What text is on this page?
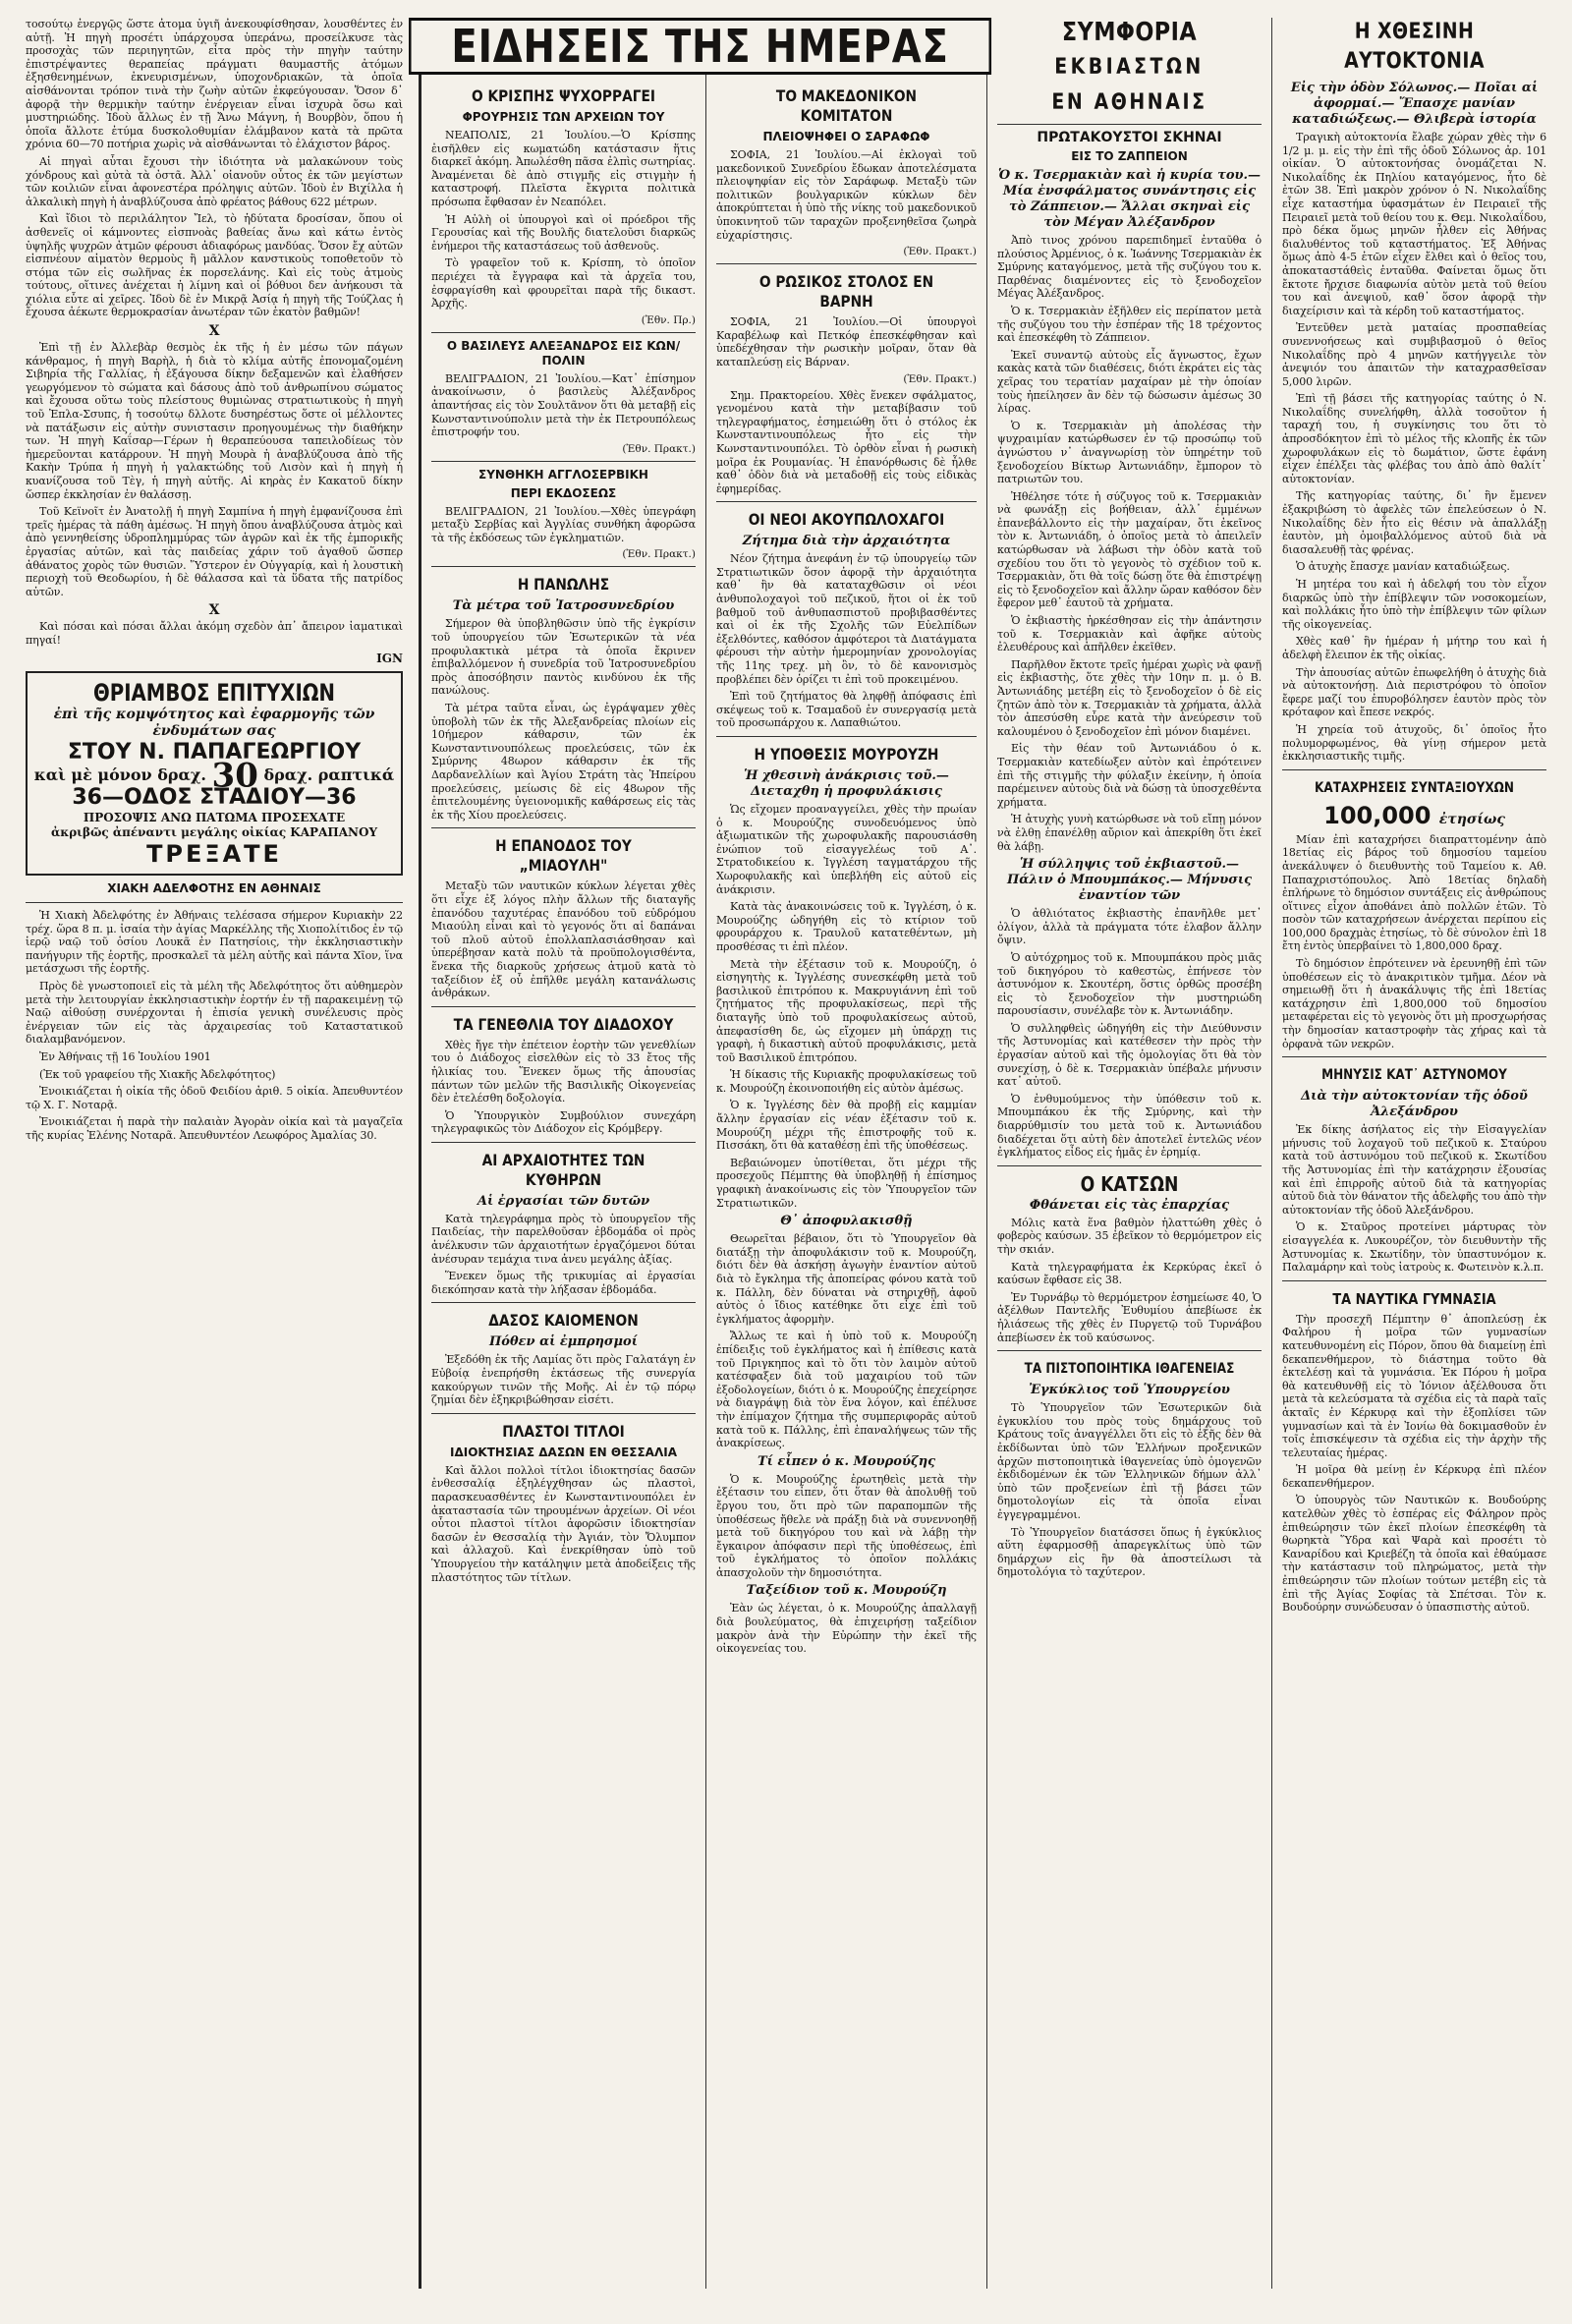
ΕΙΔΗΣΕΙΣ ΤΗΣ ΗΜΕΡΑΣ

τοσούτῳ ἐνεργῷς ὥστε ἀτομα ὑγιῆ ἀνεκουφίσθησαν, λουσθέντες ἐν αὐτῇ. Ἡ πηγὴ προσέτι ὑπάρχουσα ὑπεράνω, προσείλκυσε τὰς προσοχὰς τῶν περιηγητῶν, εἶτα πρὸς τὴν πηγὴν ταύτην ἐπιστρέψαντες θεραπείας πράγματι θαυμαστῆς ἀτόμων ἐξησθενημένων, ἐκνευρισμένων, ὑποχονδριακῶν, τὰ ὁποῖα αἰσθάνονται τρόπον τινὰ τὴν ζωὴν αὐτῶν ἐκφεύγουσαν. Ὅσον δ᾽ ἀφορᾷ τὴν θερμικὴν ταύτην ἐνέργειαν εἶναι ἰσχυρὰ ὅσω καὶ μυστηριώδης. Ἰδοὺ ἄλλως ἐν τῇ Ἄνω Μάγνη, ἡ Βουρβὸν, ὅπου ἡ ὁποῖα ἄλλοτε ἐτύμα δυσκολοθυμίαν ἐλάμβανον κατὰ τὰ πρῶτα χρόνια 60—70 ποτήρια χωρὶς νὰ αἰσθάνωνται τὸ ἐλάχιστον βάρος.

Αἱ πηγαὶ αὗται ἔχουσι τὴν ἰδιότητα νὰ μαλακώνουν τοὺς χόνδρους καὶ αὐτὰ τὰ ὀστᾶ. Ἀλλ᾽ οἰανοῦν οὗτος ἐκ τῶν μεγίστων τῶν κοιλιῶν εἶναι ἀφονεστέρα πρόληψις αὐτῶν. Ἰδοὺ ἐν Βιχίλλα ἡ ἀλκαλικὴ πηγὴ ἡ ἀναβλύζουσα ἀπὸ φρέατος βάθους 622 μέτρων.

Καὶ ἴδιοι τὸ περιλάλητον Ἴελ, τὸ ἡδύτατα δροσίσαν, ὅπου οἱ ἀσθενεῖς οἱ κάμνοντες εἰσπνοὰς βαθείας ἄνω καὶ κάτω ἐντὸς ὑψηλῆς ψυχρῶν ἀτμῶν φέρουσι ἀδιαφόρως μανδύας. Ὅσον ἔχ αὐτῶν εἰσπνέουν αἱματὸν θερμοὺς ἢ μᾶλλον κανστικοὺς τοποθετοῦν τὸ στόμα τῶν εἰς σωλῆνας ἐκ πορσελάνης. Καὶ εἰς τοὺς ἀτμοὺς τούτους, οἵτινες ἀνέχεται ἡ λίμνη καὶ οἱ βόθυοι δεν ἀνήκουσι τὰ χιόλια εὗτε αἱ χεῖρες. Ἰδοὺ δὲ ἐν Μικρᾷ Ἀσίᾳ ἡ πηγὴ τῆς Τούζλας ἡ ἔχουσα ἀέκωτε θερμοκρασίαν ἀνωτέραν τῶν ἑκατὸν βαθμῶν!

Χ

Ἐπὶ τῇ ἐν Ἀλλεβὰρ θεσμὸς ἐκ τῆς ἡ ἐν μέσω τῶν πάγων κάνθραμος, ἡ πηγὴ Βαρὴλ, ἡ διὰ τὸ κλίμα αὐτῆς ἐπονομαζομένη Σιβηρία τῆς Γαλλίας, ἡ ἐξάγουσα δίκην δεξαμενῶν καὶ ἐλαθήσεν γεωργόμενον τὸ σώματα καὶ δάσους ἀπὸ τοῦ ἀνθρωπίνου σώματος καὶ ἔχουσα οὕτω τοὺς πλείστους θυμιὼνας στρατιωτικοὺς ἡ πηγὴ τοῦ Ἐπλα-Σσυπς, ἡ τοσούτῳ δλλοτε δυσηρέστως ὅστε οἱ μέλλοντες νὰ πατάξωσιν εἰς αὐτὴν συνιστασιν προηγουμένως τὴν διαθήκην των. Ἡ πηγὴ Καΐσαρ—Γέρων ἡ θεραπεύουσα ταπειλοδίεως τὸν ἡμερεῦονται κατάρρουν. Ἡ πηγὴ Μουρὰ ἡ ἀναβλύζουσα ἀπὸ τῆς Κακὴν Τρύπα ἡ πηγὴ ἡ γαλακτώδης τοῦ Λισὸν καὶ ἡ πηγὴ ἡ κυανίζουσα τοῦ Τὲγ, ἡ πηγὴ αὐτῆς. Αἱ κηρὰς ἐν Κακατοῦ δίκην ὥσπερ ἐκκλησίαν ἐν θαλάσσῃ.

Τοῦ Κεϊνοῖτ ἐν Ἀνατολῇ ἡ πηγὴ Σαμπίνα ἡ πηγὴ ἐμφανίζουσα ἐπὶ τρεῖς ἡμέρας τὰ πάθη ἀμέσως. Ἡ πηγὴ ὅπου ἀναβλύζουσα ἀτμὸς καὶ ἀπὸ γεννηθείσης ὑδροπλημμύρας τῶν ἀγρῶν καὶ ἐκ τῆς ἐμπορικῆς ἐργασίας αὐτῶν, καὶ τὰς παιδείας χάριν τοῦ ἀγαθοῦ ὥσπερ ἀθάνατος χορὸς τῶν θυσιῶν. Ὕστερον ἐν Οὐγγαρίᾳ, καὶ ἡ λουστικὴ περιοχὴ τοῦ Θεοδωρίου, ἡ δὲ θάλασσα καὶ τὰ ὕδατα τῆς πατρίδος αὐτῶν.

Χ

Καὶ πόσαι καὶ πόσαι ἄλλαι ἀκόμη σχεδὸν ἀπ᾽ ἄπειρον ἰαματικαὶ πηγαί!

IGN
ΘΡΙΑΜΒΟΣ ΕΠΙΤΥΧΙΩΝ
ἐπὶ τῆς κομψότητος καὶ ἐφαρμογῆς τῶν ἐνδυμάτων σας
ΣΤΟΥ Ν. ΠΑΠΑΓΕΩΡΓΙΟΥ
καὶ μὲ μόνον δραχ. 30 δραχ. ραπτικά
36—ΟΔΟΣ ΣΤΑΔΙΟΥ—36
ΠΡΟΣΟΨΙΣ ΑΝΩ ΠΑΤΩΜΑ ΠΡΟΣΕΧΑΤΕ
ἀκριβῶς ἀπέναντι μεγάλης οἰκίας ΚΑΡΑΠΑΝΟΥ
ΤΡΕΞΑΤΕ
ΧΙΑΚΗ ΑΔΕΛΦΟΤΗΣ ΕΝ ΑΘΗΝΑΙΣ

Ἡ Χιακὴ Ἀδελφότης ἐν Ἀθήναις τελέσασα σήμερον Κυριακὴν 22 τρέχ. ὥρα 8 π. μ. ἱσαία τὴν ἀγίας Μαρκέλλης τῆς Χιοπολίτιδος ἐν τῷ ἱερῷ ναῷ τοῦ ὁσίου Λουκᾶ ἐν Πατησίοις, τὴν ἐκκλησιαστικὴν πανήγυριν τῆς ἑορτῆς, προσκαλεῖ τὰ μέλη αὐτῆς καὶ πάντα Χῖον, ἵνα μετάσχωσι τῆς ἑορτῆς.

Πρὸς δὲ γνωστοποιεῖ εἰς τὰ μέλη τῆς Ἀδελφότητος ὅτι αὐθημερὸν μετὰ τὴν λειτουργίαν ἐκκλησιαστικὴν ἑορτήν ἐν τῇ παρακειμένῃ τῷ Ναῷ αἰθούσῃ συνέρχονται ἡ ἐπισία γενικὴ συνέλευσις πρὸς ἐνέργειαν τῶν εἰς τὰς ἀρχαιρεσίας τοῦ Καταστατικοῦ διαλαμβανόμενον.

Ἐν Ἀθήναις τῇ 16 Ἰουλίου 1901

(Ἐκ τοῦ γραφείου τῆς Χιακῆς Ἀδελφότητος)

Ἐνοικιάζεται ἡ οἰκία τῆς ὁδοῦ Φειδίου ἀριθ. 5 οἰκία. Ἀπευθυντέον τῷ Χ. Γ. Νοταρᾷ.

Ἐνοικιάζεται ἡ παρὰ τὴν παλαιὰν Ἀγορὰν οἰκία καὶ τὰ μαγαζεῖα τῆς κυρίας Ἑλένης Νοταρᾶ. Ἀπευθυντέον Λεωφόρος Ἀμαλίας 30.

Ο ΚΡΙΣΠΗΣ ΨΥΧΟΡΡΑΓΕΙ
ΦΡΟΥΡΗΣΙΣ ΤΩΝ ΑΡΧΕΙΩΝ ΤΟΥ

ΝΕΑΠΟΛΙΣ, 21 Ἰουλίου.—Ὁ Κρίσπης ἐισῆλθεν εἰς κωματώδη κατάστασιν ἥτις διαρκεῖ ἀκόμη. Ἀπωλέσθη πᾶσα ἐλπὶς σωτηρίας. Ἀναμένεται δὲ ἀπὸ στιγμῆς εἰς στιγμὴν ἡ καταστροφή. Πλεῖστα ἔκγριτα πολιτικὰ πρόσωπα ἔφθασαν ἐν Νεαπόλει.

Ἡ Αὐλὴ οἱ ὑπουργοὶ καὶ οἱ πρόεδροι τῆς Γερουσίας καὶ τῆς Βουλῆς διατελοῦσι διαρκῶς ἐνήμεροι τῆς καταστάσεως τοῦ ἀσθενοῦς.

Τὸ γραφεῖον τοῦ κ. Κρίσπη, τὸ ὁποῖον περιέχει τὰ ἔγγραφα καὶ τὰ ἀρχεῖα του, ἐσφραγίσθη καὶ φρουρεῖται παρὰ τῆς δικαστ. Ἀρχῆς.

(Ἐθν. Πρ.)
Ο ΒΑΣΙΛΕΥΣ ΑΛΕΞΑΝΔΡΟΣ ΕΙΣ ΚΩΝ/ΠΟΛΙΝ

ΒΕΛΙΓΡΑΔΙΟΝ, 21 Ἰουλίου.—Κατ᾽ ἐπίσημον ἀνακοίνωσιν, ὁ βασιλεὺς Ἀλέξανδρος ἀπαντήσας εἰς τὸν Σουλτᾶνον ὅτι θὰ μεταβῇ εἰς Κωνσταντινούπολιν μετὰ τὴν ἐκ Πετρουπόλεως ἐπιστροφήν του.

(Ἐθν. Πρακτ.)
ΣΥΝΘΗΚΗ ΑΓΓΛΟΣΕΡΒΙΚΗ
ΠΕΡΙ ΕΚΔΟΣΕΩΣ

ΒΕΛΙΓΡΑΔΙΟΝ, 21 Ἰουλίου.—Χθὲς ὑπεγράφη μεταξὺ Σερβίας καὶ Ἀγγλίας συνθήκη ἀφορῶσα τὰ τῆς ἐκδόσεως τῶν ἐγκληματιῶν.

(Ἐθν. Πρακτ.)
Η ΠΑΝΩΛΗΣ
Τὰ μέτρα τοῦ Ἰατροσυνεδρίου

Σήμερον θὰ ὑποβληθῶσιν ὑπὸ τῆς ἐγκρίσιν τοῦ ὑπουργείου τῶν Ἐσωτερικῶν τὰ νέα προφυλακτικὰ μέτρα τὰ ὁποῖα ἔκρινεν ἐπιβαλλόμενον ἡ συνεδρία τοῦ Ἰατροσυνεδρίου πρὸς ἀποσόβησιν παντὸς κινδύνου ἐκ τῆς πανώλους.

Τὰ μέτρα ταῦτα εἶναι, ὡς ἐγράψαμεν χθὲς ὑποβολὴ τῶν ἐκ τῆς Ἀλεξανδρείας πλοίων εἰς 10ήμερον κάθαρσιν, τῶν ἐκ Κωνσταντινουπόλεως προελεύσεις, τῶν ἐκ Σμύρνης 48ωρον κάθαρσιν ἐκ τῆς Δαρδανελλίων καὶ Ἁγίου Στράτη τὰς Ἠπείρου προελεύσεις, μείωσις δὲ εἰς 48ωρον τῆς ἐπιτελουμένης ὑγειονομικῆς καθάρσεως εἰς τὰς ἐκ τῆς Χίου προελεύσεις.

Η ΕΠΑΝΟΔΟΣ ΤΟΥ „ΜΙΑΟΥΛΗ"

Μεταξὺ τῶν ναυτικῶν κύκλων λέγεται χθὲς ὅτι εἶχε ἐξ λόγος πλὴν ἄλλων τῆς διαταγῆς ἐπανόδου ταχυτέρας ἐπανόδου τοῦ εὐδρόμου Μιαούλη εἶναι καὶ τὸ γεγονός ὅτι αἱ δαπάναι τοῦ πλοῦ αὐτοῦ ἐπολλαπλασιάσθησαν καὶ ὑπερέβησαν κατὰ πολὺ τὰ προϋπολογισθέντα, ἕνεκα τῆς διαρκοῦς χρήσεως ἀτμοῦ κατὰ τὸ ταξείδιον ἐξ οὗ ἐπῆλθε μεγάλη κατανάλωσις ἀνθράκων.

ΤΑ ΓΕΝΕΘΛΙΑ ΤΟΥ ΔΙΑΔΟΧΟΥ

Χθὲς ἤγε τὴν ἐπέτειον ἑορτὴν τῶν γενεθλίων του ὁ Διάδοχος εἰσελθὼν εἰς τὸ 33 ἔτος τῆς ἡλικίας του. Ἕνεκεν ὅμως τῆς ἀπουσίας πάντων τῶν μελῶν τῆς Βασιλικῆς Οἰκογενείας δὲν ἐτελέσθη δοξολογία.

Ὁ Ὑπουργικὸν Συμβούλιον συνεχάρη τηλεγραφικῶς τὸν Διάδοχον εἰς Κρόμβεργ.

ΑΙ ΑΡΧΑΙΟΤΗΤΕΣ ΤΩΝ ΚΥΘΗΡΩΝ
Αἱ ἐργασίαι τῶν δυτῶν

Κατὰ τηλεγράφημα πρὸς τὸ ὑπουργεῖον τῆς Παιδείας, τὴν παρελθοῦσαν ἑβδομάδα οἱ πρὸς ἀνέλκυσιν τῶν ἀρχαιοτήτων ἐργαζόμενοι δύται ἀνέσυραν τεμάχια τινα ἀνευ μεγάλης ἀξίας.

Ἕνεκεν ὅμως τῆς τρικυμίας αἱ ἐργασίαι διεκόπησαν κατὰ τὴν λήξασαν ἑβδομάδα.

ΔΑΣΟΣ ΚΑΙΟΜΕΝΟΝ
Πόθεν αἱ ἐμπρησμοί

Ἐξεδόθη ἐκ τῆς Λαμίας ὅτι πρὸς Γαλατάγη ἐν Εὐβοίᾳ ἐνεπρήσθη ἐκτάσεως τῆς συνεργία κακούργων τινῶν τῆς Μοῆς. Αἱ ἐν τῷ πόρῳ ζημίαι δὲν ἐξηκριβώθησαν εἰσέτι.

ΠΛΑΣΤΟΙ ΤΙΤΛΟΙ
ΙΔΙΟΚΤΗΣΙΑΣ ΔΑΣΩΝ ΕΝ ΘΕΣΣΑΛΙΑ

Καὶ ἄλλοι πολλοὶ τίτλοι ἰδιοκτησίας δασῶν ἐνθεσσαλίᾳ ἐξηλέγχθησαν ὡς πλαστοὶ, παρασκευασθέντες ἐν Κωνσταντινουπόλει ἐν ἀκαταστασία τῶν τηρουμένων ἀρχείων. Οἱ νέοι οὗτοι πλαστοὶ τίτλοι ἀφορῶσιν ἰδιοκτησίαν δασῶν ἐν Θεσσαλίᾳ τὴν Ἀγιάν, τὸν Ὄλυμπον καὶ ἀλλαχοῦ. Καὶ ἐνεκρίθησαν ὑπὸ τοῦ Ὑπουργείου τὴν κατάληψιν μετὰ ἀποδείξεις τῆς πλαστότητος τῶν τίτλων.

ΤΟ ΜΑΚΕΔΟΝΙΚΟΝ ΚΟΜΙΤΑΤΟΝ
ΠΛΕΙΟΨΗΦΕΙ Ο ΣΑΡΑΦΩΦ

ΣΟΦΙΑ, 21 Ἰουλίου.—Αἱ ἐκλογαὶ τοῦ μακεδονικοῦ Συνεδρίου ἔδωκαν ἀποτελέσματα πλειοψηφίαν εἰς τὸν Σαράφωφ. Μεταξὺ τῶν πολιτικῶν βουλγαρικῶν κύκλων δὲν ἀποκρύπτεται ἡ ὑπὸ τῆς νίκης τοῦ μακεδονικοῦ ὑποκινητοῦ τῶν ταραχῶν προξενηθεῖσα ζωηρὰ εὐχαρίστησις.

(Ἐθν. Πρακτ.)
Ο ΡΩΣΙΚΟΣ ΣΤΟΛΟΣ ΕΝ ΒΑΡΝΗ

ΣΟΦΙΑ, 21 Ἰουλίου.—Οἱ ὑπουργοὶ Καραβέλωφ καὶ Πετκόφ ἐπεσκέφθησαν καὶ ὑπεδέχθησαν τὴν ρωσικὴν μοῖραν, ὅταν θὰ καταπλεύσῃ εἰς Βάρναν.

(Ἐθν. Πρακτ.)

Σημ. Πρακτορείου. Χθὲς ἕνεκεν σφάλματος, γενομένου κατὰ τὴν μεταβίβασιν τοῦ τηλεγραφήματος, ἐσημειώθη ὅτι ὁ στόλος ἐκ Κωνσταντινουπόλεως ἦτο εἰς τὴν Κωνσταντινουπόλει. Τὸ ὀρθὸν εἶναι ἡ ρωσικὴ μοῖρα ἐκ Ρουμανίας. Ἡ ἐπανόρθωσις δὲ ἦλθε καθ᾽ ὁδὸν διὰ νὰ μεταδοθῇ εἰς τοὺς εἰδικὰς ἐφημερίδας.

ΟΙ ΝΕΟΙ ΑΚΟΥΠΩΛΟΧΑΓΟΙ
Ζήτημα διὰ τὴν ἀρχαιότητα

Νέον ζήτημα ἀνεφάνη ἐν τῷ ὑπουργείῳ τῶν Στρατιωτικῶν ὅσον ἀφορᾷ τὴν ἀρχαιότητα καθ᾽ ἣν θὰ καταταχθῶσιν οἱ νέοι ἀνθυπολοχαγοὶ τοῦ πεζικοῦ, ἥτοι οἱ ἐκ τοῦ βαθμοῦ τοῦ ἀνθυπασπιστοῦ προβιβασθέντες καὶ οἱ ἐκ τῆς Σχολῆς τῶν Εὐελπίδων ἐξελθόντες, καθόσον ἀμφότεροι τὰ Διατάγματα φέρουσι τὴν αὐτὴν ἡμερομηνίαν χρονολογίας τῆς 11ης τρεχ. μὴ ὂν, τὸ δὲ κανονισμὸς προβλέπει δὲν ὁρίζει τι ἐπὶ τοῦ προκειμένου.

Ἐπὶ τοῦ ζητήματος θὰ ληφθῇ ἀπόφασις ἐπὶ σκέψεως τοῦ κ. Τσαμαδοῦ ἐν συνεργασίᾳ μετὰ τοῦ προσωπάρχου κ. Λαπαθιώτου.

Η ΥΠΟΘΕΣΙΣ ΜΟΥΡΟΥΖΗ
Ἡ χθεσινὴ ἀνάκρισις τοῦ.— Διεταχθη ἡ προφυλάκισις

Ὡς εἴχομεν προαναγγείλει, χθὲς τὴν πρωίαν ὁ κ. Μουρούζης συνοδευόμενος ὑπὸ ἀξιωματικῶν τῆς χωροφυλακῆς παρουσιάσθη ἐνώπιον τοῦ εἰσαγγελέως τοῦ Α᾽. Στρατοδικείου κ. Ἰγγλέση ταγματάρχου τῆς Χωροφυλακῆς καὶ ὑπεβλήθη εἰς αὐτοῦ εἰς ἀνάκρισιν.

Κατὰ τὰς ἀνακοινώσεις τοῦ κ. Ἰγγλέση, ὁ κ. Μουρούζης ὡδηγήθη εἰς τὸ κτίριον τοῦ φρουράρχου κ. Τραυλοῦ κατατεθέντων, μὴ προσθέσας τι ἐπὶ πλέον.

Μετὰ τὴν ἐξέτασιν τοῦ κ. Μουρούζη, ὁ εἰσηγητὴς κ. Ἰγγλέσης συνεσκέφθη μετὰ τοῦ βασιλικοῦ ἐπιτρόπου κ. Μακρυγιάννη ἐπὶ τοῦ ζητήματος τῆς προφυλακίσεως, περὶ τῆς διαταγῆς ὑπὸ τοῦ προφυλακίσεως αὐτοῦ, ἀπεφασίσθη δε, ὡς εἴχομεν μὴ ὑπάρχῃ τις γραφὴ, ἡ δικαστικὴ αὐτοῦ προφυλάκισις, μετὰ τοῦ Βασιλικοῦ ἐπιτρόπου.

Ἡ δίκασις τῆς Κυριακῆς προφυλακίσεως τοῦ κ. Μουρούζη ἐκοινοποιήθη εἰς αὐτὸν ἀμέσως.

Ὁ κ. Ἰγγλέσης δὲν θὰ προβῇ εἰς καμμίαν ἄλλην ἐργασίαν εἰς νέαν ἐξέτασιν τοῦ κ. Μουρούζη μέχρι τῆς ἐπιστροφῆς τοῦ κ. Πισσάκη, ὅτι θὰ καταθέσῃ ἐπὶ τῆς ὑποθέσεως.

Βεβαιώνομεν ὑποτίθεται, ὅτι μέχρι τῆς προσεχοῦς Πέμπτης θὰ ὑποβληθῇ ἡ ἐπίσημος γραφικὴ ἀνακοίνωσις εἰς τὸν Ὑπουργεῖον τῶν Στρατιωτικῶν.

Θ᾽ ἀποφυλακισθῇ

Θεωρεῖται βέβαιον, ὅτι τὸ Ὑπουργεῖον θὰ διατάξῃ τὴν ἀποφυλάκισιν τοῦ κ. Μουρούζη, διότι δὲν θὰ ἀσκήσῃ ἀγωγὴν ἐναντίον αὐτοῦ διὰ τὸ ἔγκλημα τῆς ἀποπείρας φόνου κατὰ τοῦ κ. Πάλλη, δὲν δύναται νὰ στηριχθῇ, ἀφοῦ αὐτὸς ὁ ἴδιος κατέθηκε ὅτι εἶχε ἐπὶ τοῦ ἐγκλήματος ἀφορμὴν.

Ἄλλως τε καὶ ἡ ὑπὸ τοῦ κ. Μουρούζη ἐπίδειξις τοῦ ἐγκλήματος καὶ ἡ ἐπίθεσις κατὰ τοῦ Πριγκηπος καὶ τὸ ὅτι τὸν λαιμὸν αὐτοῦ κατέσφαξεν διὰ τοῦ μαχαιρίου τοῦ τῶν ἐξοδολογείων, διότι ὁ κ. Μουρούζης ἐπεχείρησε νὰ διαγράψῃ διὰ τὸν ἕνα λόγον, καὶ ἐπέλυσε τὴν ἐπίμαχον ζήτημα τῆς συμπεριφορᾶς αὐτοῦ κατὰ τοῦ κ. Πάλλης, ἐπὶ ἐπαναλήψεως τῶν τῆς ἀνακρίσεως.

Τί εἶπεν ὁ κ. Μουρούζης

Ὁ κ. Μουρούζης ἐρωτηθεὶς μετὰ τὴν ἐξέτασιν του εἶπεν, ὅτι ὅταν θὰ ἀπολυθῇ τοῦ ἔργου του, ὅτι πρὸ τῶν παραπομπῶν τῆς ὑποθέσεως ἤθελε νὰ πράξῃ διὰ νὰ συνεννοηθῇ μετὰ τοῦ δικηγόρου του καὶ νὰ λάβῃ τὴν ἔγκαιρον ἀπόφασιν περὶ τῆς ὑποθέσεως, ἐπὶ τοῦ ἐγκλήματος τὸ ὁποῖον πολλάκις ἀπασχολοῦν τὴν δημοσιότητα.

Ταξείδιον τοῦ κ. Μουρούζη

Ἐὰν ὡς λέγεται, ὁ κ. Μουρούζης ἀπαλλαγῇ διὰ βουλεύματος, θὰ ἐπιχειρήσῃ ταξείδιον μακρὸν ἀνὰ τὴν Εὐρώπην τὴν ἐκεῖ τῆς οἰκογενείας του.

ΣΥΜΦΟΡΙΑ
ΕΚΒΙΑΣΤΩΝ
ΕΝ ΑΘΗΝΑΙΣ
ΠΡΩΤΑΚΟΥΣΤΟΙ ΣΚΗΝΑΙ
ΕΙΣ ΤΟ ΖΑΠΠΕΙΟΝ
Ὁ κ. Τσερμακιὰν καὶ ἡ κυρία του.— Μία ἐνσφάλματος συνάντησις εἰς τὸ Ζάππειον.— Ἄλλαι σκηναὶ εἰς τὸν Μέγαν Ἀλέξανδρον

Ἀπὸ τινος χρόνου παρεπιδημεῖ ἐνταῦθα ὁ πλούσιος Ἀρμένιος, ὁ κ. Ἰωάννης Τσερμακιὰν ἐκ Σμύρνης καταγόμενος, μετὰ τῆς συζύγου του κ. Παρθένας διαμένοντες εἰς τὸ ξενοδοχεῖον Μέγας Ἀλέξανδρος.

Ὁ κ. Τσερμακιὰν ἐξῆλθεν εἰς περίπατον μετὰ τῆς συζύγου του τὴν ἑσπέραν τῆς 18 τρέχοντος καὶ ἐπεσκέφθη τὸ Ζάππειον.

Ἐκεῖ συναντῷ αὐτοὺς εἷς ἄγνωστος, ἔχων κακὰς κατὰ τῶν διαθέσεις, διότι ἐκράτει εἰς τὰς χεῖρας του τερατίαν μαχαίραν μὲ τὴν ὁποίαν τοὺς ἠπείλησεν ἂν δὲν τῷ δώσωσιν ἀμέσως 30 λίρας.

Ὁ κ. Τσερμακιὰν μὴ ἀπολέσας τὴν ψυχραιμίαν κατώρθωσεν ἐν τῷ προσώπῳ τοῦ ἀγνώστου ν᾽ ἀναγνωρίσῃ τὸν ὑπηρέτην τοῦ ξενοδοχείου Βίκτωρ Ἀντωνιάδην, ἔμπορον τὸ πατριωτῶν του.

Ἠθέλησε τότε ἡ σύζυγος τοῦ κ. Τσερμακιὰν νὰ φωνάξῃ εἰς βοήθειαν, ἀλλ᾽ ἐμμένων ἐπανεβάλλοντο εἰς τὴν μαχαίραν, ὅτι ἐκεῖνος τὸν κ. Ἀντωνιάδη, ὁ ὁποῖος μετὰ τὸ ἀπειλεῖν κατώρθωσαν νὰ λάβωσι τὴν ὁδὸν κατὰ τοῦ σχεδίου του ὅτι τὸ γεγονὸς τὸ σχέδιον τοῦ κ. Τσερμακιὰν, ὅτι θὰ τοῖς δώσῃ ὅτε θὰ ἐπιστρέψῃ εἰς τὸ ξενοδοχεῖον καὶ ἄλλην ὥραν καθόσον δὲν ἔφερον μεθ᾽ ἑαυτοῦ τὰ χρήματα.

Ὁ ἐκβιαστὴς ἠρκέσθησαν εἰς τὴν ἀπάντησιν τοῦ κ. Τσερμακιὰν καὶ ἀφῆκε αὐτοὺς ἐλευθέρους καὶ ἀπῆλθεν ἐκεῖθεν.

Παρῆλθον ἔκτοτε τρεῖς ἡμέραι χωρὶς νὰ φανῇ εἰς ἐκβιαστὴς, ὅτε χθὲς τὴν 10ην π. μ. ὁ Β. Ἀντωνιάδης μετέβη εἰς τὸ ξενοδοχεῖον ὁ δὲ εἰς ζητῶν ἀπὸ τὸν κ. Τσερμακιὰν τὰ χρήματα, ἀλλὰ τὸν ἀπεσύσθη εὗρε κατὰ τὴν ἀνεύρεσιν τοῦ καλουμένου ὁ ξενοδοχεῖον ἐπὶ μόνον διαμένει.

Εἰς τὴν θέαν τοῦ Ἀντωνιάδου ὁ κ. Τσερμακιὰν κατεδίωξεν αὐτὸν καὶ ἐπρότεινεν ἐπὶ τῆς στιγμῆς τὴν φύλαξιν ἐκείνην, ἡ ὁποία παρέμεινεν αὐτοὺς διὰ νὰ δώσῃ τὰ ὑποσχεθέντα χρήματα.

Ἡ ἀτυχὴς γυνὴ κατώρθωσε νὰ τοῦ εἴπῃ μόνον νὰ ἐλθῃ ἐπανέλθῃ αὔριον καὶ ἀπεκρίθη ὅτι ἐκεῖ θὰ λάβῃ.

Ἡ σύλληψις τοῦ ἐκβιαστοῦ.— Πάλιν ὁ Μπουμπάκος.— Μήνυσις ἐναντίον τῶν

Ὁ ἀθλιότατος ἐκβιαστὴς ἐπανῆλθε μετ᾽ ὀλίγον, ἀλλὰ τὰ πράγματα τότε ἐλαβον ἄλλην ὄψιν.

Ὁ αὐτόχρημος τοῦ κ. Μπουμπάκου πρὸς μιᾶς τοῦ δικηγόρου τὸ καθεστὼς, ἐπήνεσε τὸν ἀστυνόμον κ. Σκουτέρη, ὅστις ὀρθῶς προσέβη εἰς τὸ ξενοδοχεῖον τὴν μυστηριώδη παρουσίασιν, συνέλαβε τὸν κ. Ἀντωνιάδην.

Ὁ συλληφθεὶς ὡδηγήθη εἰς τὴν Διεύθυνσιν τῆς Ἀστυνομίας καὶ κατέθεσεν τὴν πρὸς τὴν ἐργασίαν αὐτοῦ καὶ τῆς ὁμολογίας ὅτι θὰ τὸν συνεχίσῃ, ὁ δὲ κ. Τσερμακιὰν ὑπέβαλε μήνυσιν κατ᾽ αὐτοῦ.

Ὁ ἐνθυμούμενος τὴν ὑπόθεσιν τοῦ κ. Μπουμπάκου ἐκ τῆς Σμύρνης, καὶ τὴν διαρρύθμισίν του μετὰ τοῦ κ. Ἀντωνιάδου διαδέχεται ὅτι αὐτὴ δὲν ἀποτελεῖ ἐντελῶς νέον ἐγκλήματος εἶδος εἰς ἡμᾶς ἐν ἐρημίᾳ.

Ο ΚΑΤΣΩΝ
Φθάνεται εἰς τὰς ἐπαρχίας

Μόλις κατὰ ἕνα βαθμὸν ἠλαττώθη χθὲς ὁ φοβερὸς καύσων. 35 ἐβεῖκον τὸ θερμόμετρον εἰς τὴν σκιάν.

Κατὰ τηλεγραφήματα ἐκ Κερκύρας ἐκεῖ ὁ καύσων ἔφθασε εἰς 38.

Ἐν Τυρνάβῳ τὸ θερμόμετρον ἐσημείωσε 40, Ὁ ἀξέλθων Παντελῆς Ἐυθυμίου ἀπεβίωσε ἐκ ἡλιάσεως τῆς χθὲς ἐν Πυργετῷ τοῦ Τυρνάβου ἀπεβίωσεν ἐκ τοῦ καύσωνος.

ΤΑ ΠΙΣΤΟΠΟΙΗΤΙΚΑ ΙΘΑΓΕΝΕΙΑΣ
Ἐγκύκλιος τοῦ Ὑπουργείου

Τὸ Ὑπουργεῖον τῶν Ἐσωτερικῶν διὰ ἐγκυκλίου του πρὸς τοὺς δημάρχους τοῦ Κράτους τοῖς ἀναγγέλλει ὅτι εἰς τὸ ἑξῆς δὲν θὰ ἐκδίδωνται ὑπὸ τῶν Ἑλλήνων προξενικῶν ἀρχῶν πιστοποιητικὰ ἰθαγενείας ὑπὸ ὁμογενῶν ἐκδιδομένων ἐκ τῶν Ἑλληνικῶν δήμων ἀλλ᾽ ὑπὸ τῶν προξενείων ἐπὶ τῇ βάσει τῶν δημοτολογίων εἰς τὰ ὁποῖα εἶναι ἐγγεγραμμένοι.

Τὸ Ὑπουργεῖον διατάσσει ὅπως ἡ ἐγκύκλιος αὕτη ἐφαρμοσθῇ ἀπαρεγκλίτως ὑπὸ τῶν δημάρχων εἰς ἣν θὰ ἀποστείλωσι τὰ δημοτολόγια τὸ ταχύτερον.

Η ΧΘΕΣΙΝΗ ΑΥΤΟΚΤΟΝΙΑ
Εἰς τὴν ὁδὸν Σόλωνος.— Ποῖαι αἱ ἀφορμαί.— Ἔπασχε μανίαν καταδιώξεως.— Θλιβερὰ ἱστορία

Τραγικὴ αὐτοκτονία ἔλαβε χώραν χθὲς τὴν 6 1/2 μ. μ. εἰς τὴν ἐπὶ τῆς ὁδοῦ Σόλωνος ἀρ. 101 οἰκίαν. Ὁ αὐτοκτονήσας ὀνομάζεται Ν. Νικολαΐδης ἐκ Πηλίου καταγόμενος, ἦτο δὲ ἐτῶν 38. Ἐπὶ μακρὸν χρόνον ὁ Ν. Νικολαΐδης εἶχε καταστήμα ὑφασμάτων ἐν Πειραιεῖ τῆς Πειραιεῖ μετὰ τοῦ θείου του κ. Θεμ. Νικολαΐδου, πρὸ δέκα ὅμως μηνῶν ἦλθεν εἰς Ἀθήνας διαλυθέντος τοῦ καταστήματος. Ἐξ Ἀθήνας ὅμως ἀπὸ 4-5 ἐτῶν εἶχεν ἔλθει καὶ ὁ θεῖος του, ἀποκαταστάθεὶς ἐνταῦθα. Φαίνεται ὅμως ὅτι ἔκτοτε ἤρχισε διαφωνία αὐτὸν μετὰ τοῦ θείου του καὶ ἀνεψιοῦ, καθ᾽ ὅσον ἀφορᾷ τὴν διαχείρισιν καὶ τὰ κέρδη τοῦ καταστήματος.

Ἐντεῦθεν μετὰ ματαίας προσπαθείας συνεννοήσεως καὶ συμβιβασμοῦ ὁ θεῖος Νικολαΐδης πρὸ 4 μηνῶν κατήγγειλε τὸν ἀνεψιόν του ἀπαιτῶν τὴν καταχρασθεῖσαν 5,000 λιρῶν.

Ἐπὶ τῇ βάσει τῆς κατηγορίας ταύτης ὁ Ν. Νικολαΐδης συνελήφθη, ἀλλὰ τοσοῦτον ἡ ταραχή του, ἡ συγκίνησις του ὅτι τὸ ἀπροσδόκητον ἐπὶ τὸ μέλος τῆς κλοπῆς ἐκ τῶν χωροφυλάκων εἰς τὸ δωμάτιον, ὥστε ἐφάνη εἶχεν ἐπέλξει τὰς φλέβας του ἀπὸ ἀπὸ θαλίτ᾽ αὐτοκτονίαν.

Τῆς κατηγορίας ταύτης, δι᾽ ἣν ἔμενεν ἐξακριβώση τὸ ἀφελὲς τῶν ἐπελεύσεων ὁ Ν. Νικολαΐδης δὲν ἦτο εἰς θέσιν νὰ ἀπαλλάξῃ ἑαυτὸν, μὴ ὁμοιβαλλόμενος αὐτοῦ διὰ νὰ διασαλευθῇ τὰς φρένας.

Ὁ ἀτυχὴς ἔπασχε μανίαν καταδιώξεως.

Ἡ μητέρα του καὶ ἡ ἀδελφή του τὸν εἶχον διαρκῶς ὑπὸ τὴν ἐπίβλεψιν τῶν νοσοκομείων, καὶ πολλάκις ἦτο ὑπὸ τὴν ἐπίβλεψιν τῶν φίλων τῆς οἰκογενείας.

Χθὲς καθ᾽ ἣν ἡμέραν ἡ μήτηρ του καὶ ἡ ἀδελφὴ ἔλειπον ἐκ τῆς οἰκίας.

Τὴν ἀπουσίας αὐτῶν ἐπωφελήθη ὁ ἀτυχὴς διὰ νὰ αὐτοκτονήσῃ. Διὰ περιστρόφου τὸ ὁποῖον ἔφερε μαζί του ἐπυροβόλησεν ἑαυτὸν πρὸς τὸν κρόταφον καὶ ἔπεσε νεκρός.

Ἡ χηρεία τοῦ ἀτυχοῦς, δι᾽ ὁποῖος ἦτο πολυμορφωμένος, θὰ γίνῃ σήμερον μετὰ ἐκκλησιαστικῆς τιμῆς.

ΚΑΤΑΧΡΗΣΕΙΣ ΣΥΝΤΑΞΙΟΥΧΩΝ
100,000 ἐτησίως

Μίαν ἐπὶ καταχρήσει διαπραττομένην ἀπὸ 18ετίας εἰς βάρος τοῦ δημοσίου ταμείου ἀνεκάλυψεν ὁ διευθυντὴς τοῦ Ταμείου κ. Αθ. Παπαχριστόπουλος. Ἀπὸ 18ετίας δηλαδὴ ἐπλήρωνε τὸ δημόσιον συντάξεις εἰς ἀνθρώπους οἵτινες εἶχον ἀποθάνει ἀπὸ πολλῶν ἐτῶν. Τὸ ποσὸν τῶν καταχρήσεων ἀνέρχεται περίπου εἰς 100,000 δραχμὰς ἐτησίως, τὸ δὲ σύνολον ἐπὶ 18 ἔτη ἐντὸς ὑπερβαίνει τὸ 1,800,000 δραχ.

Τὸ δημόσιον ἐπρότεινεν νὰ ἐρευνηθῇ ἐπὶ τῶν ὑποθέσεων εἰς τὸ ἀνακριτικὸν τμῆμα. Δέον νὰ σημειωθῇ ὅτι ἡ ἀνακάλυψις τῆς ἐπὶ 18ετίας κατάχρησιν ἐπὶ 1,800,000 τοῦ δημοσίου μεταφέρεται εἰς τὸ γεγονὸς ὅτι μὴ προσχωρήσας τὴν δημοσίαν καταστροφὴν τὰς χήρας καὶ τὰ ὀρφανὰ τῶν νεκρῶν.

ΜΗΝΥΣΙΣ ΚΑΤ᾽ ΑΣΤΥΝΟΜΟΥ
Διὰ τὴν αὐτοκτονίαν τῆς ὁδοῦ Ἀλεξάνδρου

Ἐκ δίκης ἀσήλατος εἰς τὴν Εἰσαγγελίαν μήνυσις τοῦ λοχαγοῦ τοῦ πεζικοῦ κ. Σταύρου κατὰ τοῦ ἀστυνόμου τοῦ πεζικοῦ κ. Σκωτίδου τῆς Ἀστυνομίας ἐπὶ τὴν κατάχρησιν ἐξουσίας καὶ ἐπὶ ἐπιρροῆς αὐτοῦ διὰ τὰ κατηγορίας αὐτοῦ διὰ τὸν θάνατον τῆς ἀδελφῆς του ἀπὸ τὴν αὐτοκτονίαν τῆς ὁδοῦ Ἀλεξάνδρου.

Ὁ κ. Σταῦρος προτείνει μάρτυρας τὸν εἰσαγγελέα κ. Λυκουρέζον, τὸν διευθυντὴν τῆς Ἀστυνομίας κ. Σκωτίδην, τὸν ὑπαστυνόμον κ. Παλαμάρην καὶ τοὺς ἰατροὺς κ. Φωτεινὸν κ.λ.π.

ΤΑ ΝΑΥΤΙΚΑ ΓΥΜΝΑΣΙΑ

Τὴν προσεχῆ Πέμπτην θ᾽ ἀποπλεύσῃ ἐκ Φαλήρου ἡ μοῖρα τῶν γυμνασίων κατευθυνομένη εἰς Πόρον, ὅπου θὰ διαμείνῃ ἐπὶ δεκαπενθήμερον, τὸ διάστημα τοῦτο θὰ ἐκτελέσῃ καὶ τὰ γυμνάσια. Ἐκ Πόρου ἡ μοῖρα θὰ κατευθυνθῇ εἰς τὸ Ἰόνιον ἀξέλθουσα ὅτι μετὰ τὰ κελεύσματα τὰ σχέδια εἰς τὰ παρὰ ταῖς ἀκταῖς ἐν Κέρκυρᾳ καὶ τὴν ἐξοπλίσει τῶν γυμνασίων καὶ τὰ ἐν Ἰονίω θὰ δοκιμασθοῦν ἐν τοῖς ἐπισκέψεσιν τὰ σχέδια εἰς τὴν ἀρχὴν τῆς τελευταίας ἡμέρας.

Ἡ μοῖρα θὰ μείνῃ ἐν Κέρκυρᾳ ἐπὶ πλέον δεκαπενθήμερον.

Ὁ ὑπουργὸς τῶν Ναυτικῶν κ. Βουδούρης κατελθὼν χθὲς τὸ ἑσπέρας εἰς Φάληρον πρὸς ἐπιθεώρησιν τῶν ἐκεῖ πλοίων ἐπεσκέφθη τὰ θωρηκτὰ Ὕδρα καὶ Ψαρὰ καὶ προσέτι τὸ Καναρίδου καὶ Κριεβέζη τὰ ὁποῖα καὶ ἐθαύμασε τὴν κατάστασιν τοῦ πληρώματος, μετὰ τὴν ἐπιθεώρησιν τῶν πλοίων τούτων μετέβη εἰς τὰ ἐπὶ τῆς Ἀγίας Σοφίας τὰ Σπέτσαι. Τὸν κ. Βουδούρην συνώδευσαν ὁ ὑπασπιστὴς αὐτοῦ.
